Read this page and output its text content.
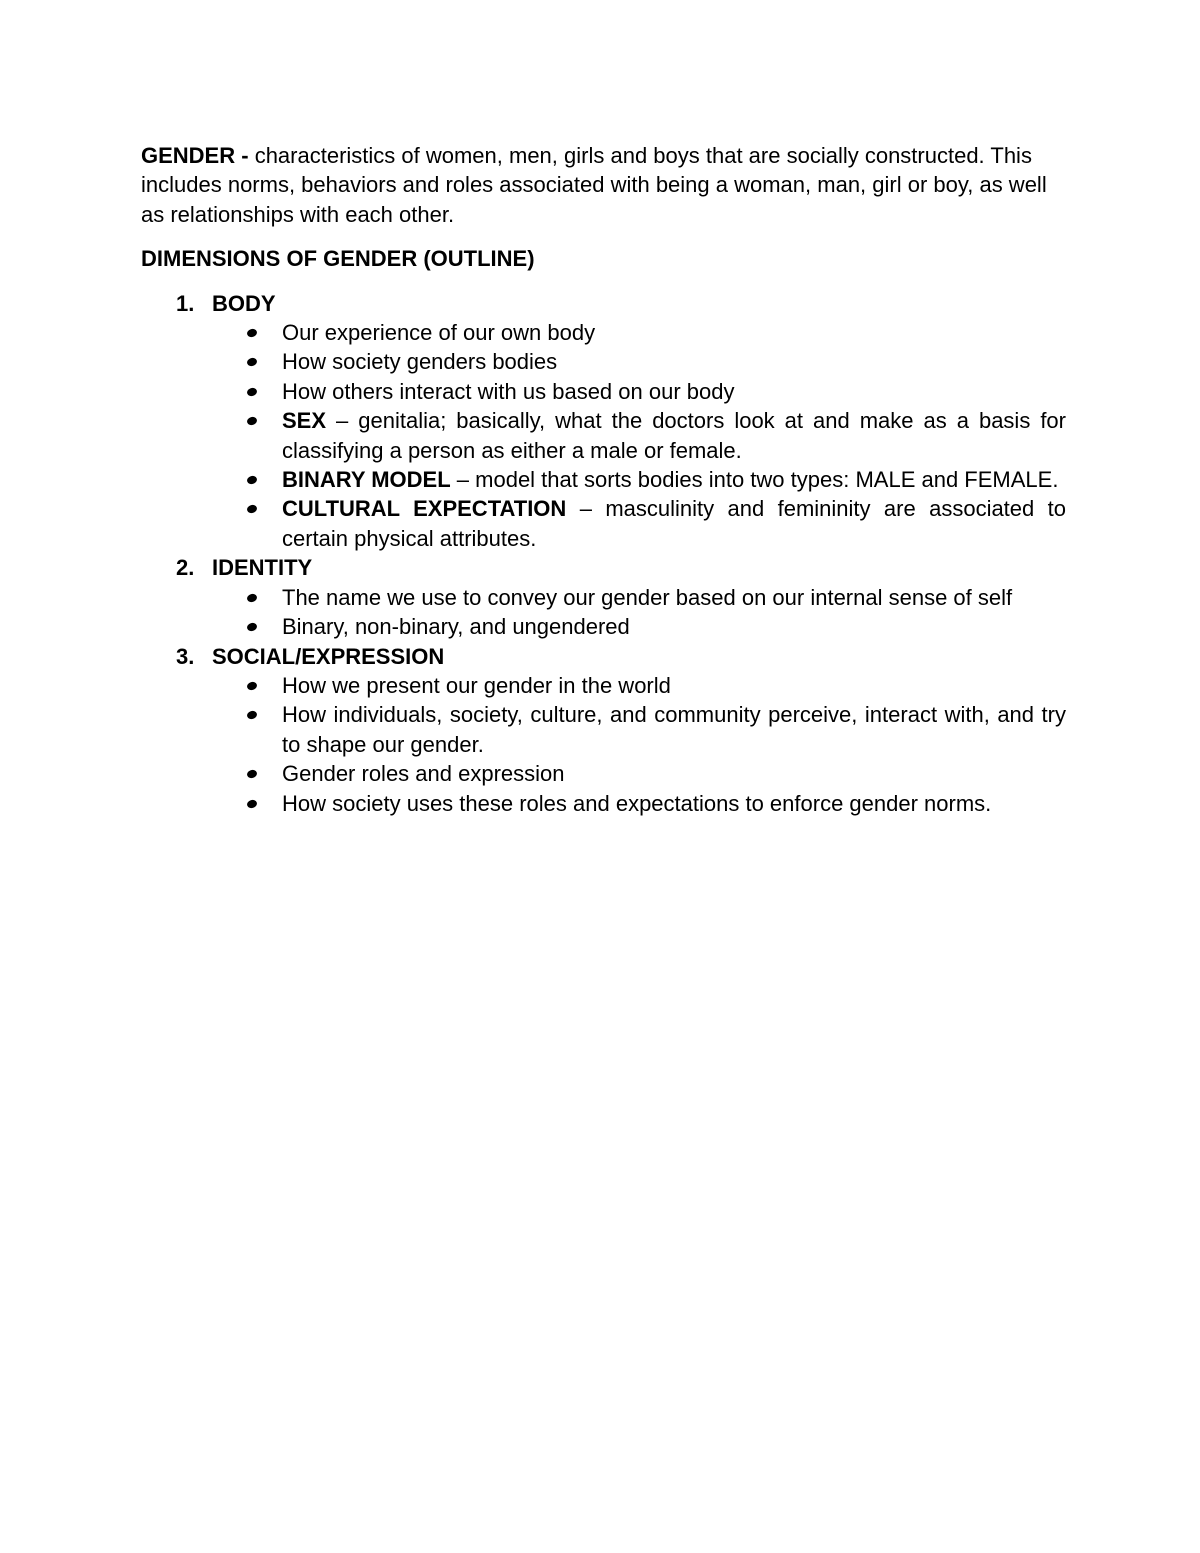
GENDER - characteristics of women, men, girls and boys that are socially constructed. This includes norms, behaviors and roles associated with being a woman, man, girl or boy, as well as relationships with each other.

DIMENSIONS OF GENDER (OUTLINE)

1. BODY
Our experience of our own body
How society genders bodies
How others interact with us based on our body
SEX – genitalia; basically, what the doctors look at and make as a basis for classifying a person as either a male or female.
BINARY MODEL – model that sorts bodies into two types: MALE and FEMALE.
CULTURAL EXPECTATION – masculinity and femininity are associated to certain physical attributes.
2. IDENTITY
The name we use to convey our gender based on our internal sense of self
Binary, non-binary, and ungendered
3. SOCIAL/EXPRESSION
How we present our gender in the world
How individuals, society, culture, and community perceive, interact with, and try to shape our gender.
Gender roles and expression
How society uses these roles and expectations to enforce gender norms.
